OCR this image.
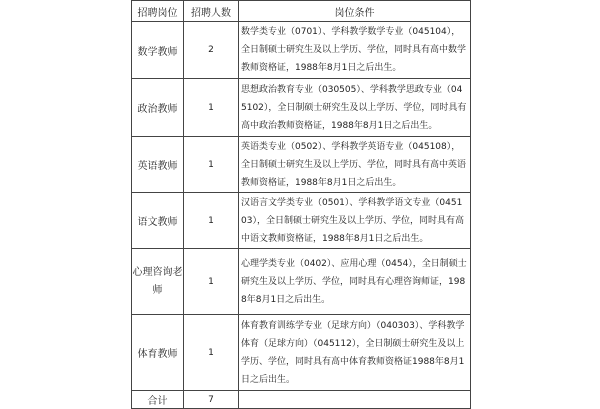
招聘岗位	招聘人数	岗位条件
数学教师	2	数学类专业（0701）、学科教学数学专业（045104），全日制硕士研究生及以上学历、学位，同时具有高中数学教师资格证，1988年8月1日之后出生。
政治教师	1	思想政治教育专业（030505）、学科教学思政专业（045102），全日制硕士研究生及以上学历、学位，同时具有高中政治教师资格证，1988年8月1日之后出生。
英语教师	1	英语类专业（0502）、学科教学英语专业（045108），全日制硕士研究生及以上学历、学位，同时具有高中英语教师资格证，1988年8月1日之后出生。
语文教师	1	汉语言文学类专业（0501）、学科教学语文专业（045103），全日制硕士研究生及以上学历、学位，同时具有高中语文教师资格证，1988年8月1日之后出生。
心理咨询老师	1	心理学类专业（0402）、应用心理（0454），全日制硕士研究生及以上学历、学位，同时具有心理咨询师证，1988年8月1日之后出生。
体育教师	1	体育教育训练学专业（足球方向）（040303）、学科教学体育（足球方向）（045112），全日制硕士研究生及以上学历、学位，同时具有高中体育教师资格证1988年8月1日之后出生。
合计	7	
